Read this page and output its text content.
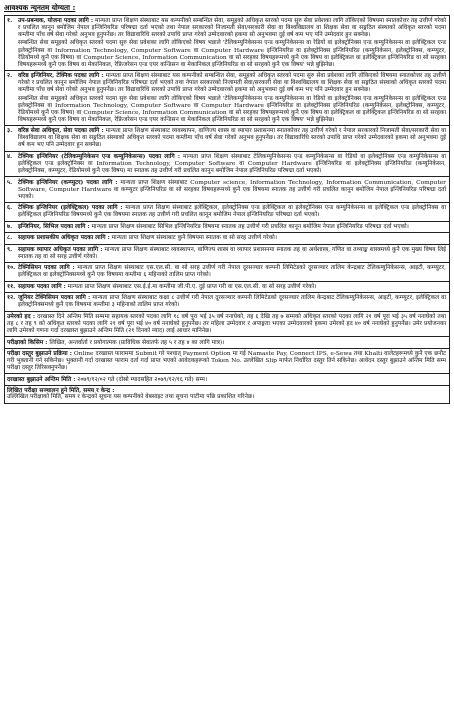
आवश्यक न्यूनतम योग्यता :
१. उप-प्रबन्धक, योजना पदका लागि : मान्यता प्राप्त शिक्षण संस्थाबाट यस कम्पनीको सम्बन्धित सेवा, समूहको अधिकृत स्तरको पदमा सुरु सेवा प्रवेशका लागि तोकिएको विषयमा स्नातकोत्तर तह उत्तीर्ण गरेको र प्रचलित कानून बमोजिम नेपाल इन्जिनियरिङ परिषद्मा दर्ता भएको तथा नेपाल सरकारको निजामती सेवा/सरकारी सेवा वा विश्वविद्यालय वा शिक्षक सेवा वा सङ्गठित संस्थाको अधिकृत स्तरको पदमा कम्तीमा पाँच वर्ष सेवा गरेको अनुभव हुनुपर्नेछ। तर विद्यावारिधि स्तरको उपाधि प्राप्त गरेको उम्मेदवारको हकमा सो अनुभवमा दुई वर्ष कम भए पनि उम्मेदवार हुन सक्नेछ।
सम्बन्धित सेवा समूहको अधिकृत स्तरको पदमा सुरु सेवा प्रवेशका लागि तोकिएको विषय भन्नाले 'टेलिकम्युनिकेसन्स एन्ड कम्युनिकेसन्स वा रेडियो वा इलेक्ट्रोनिक्स एन्ड कम्युनिकेसन्स वा इलेक्ट्रिकल एन्ड इलेक्ट्रोनिक्स वा Information Technology, Computer Software वा Computer Hardware इन्जिनियरिङ वा इलेक्ट्रोनिक्स इन्जिनियरिङ (कम्युनिकेसन, इलेक्ट्रोनिक्स, कम्प्युटर, रेडियोमध्ये कुनै एक विषय) वा Computer Science, Information Communication वा सो सरहका विषयहरूमध्ये कुनै एक विषय वा इलेक्ट्रिकल वा इलेक्ट्रिकल इन्जिनियरिङ वा सो सरहका विषयहरूमध्ये कुनै एक विषय वा मेकानिकल, रेफ्रिजरेसन एन्ड एयर कन्डिसन वा मेकानिकल इन्जिनियरिङ वा सो सरहको कुनै एक विषय' भन्ने बुझिनेछ।
२. वरिष्ठ इन्जिनियर, टेक्निक पदका लागि : मान्यता प्राप्त शिक्षण संस्थाबाट यस कम्पनीको सम्बन्धित सेवा, समूहको अधिकृत स्तरको पदमा सुरु सेवा प्रवेशका लागि तोकिएको विषयमा स्नातकोत्तर तह उत्तीर्ण गरेको र प्रचलित कानून बमोजिम नेपाल इन्जिनियरिङ परिषद्मा दर्ता भएको तथा नेपाल सरकारको निजामती सेवा/सरकारी सेवा वा विश्वविद्यालय वा शिक्षक सेवा वा सङ्गठित संस्थाको अधिकृत स्तरको पदमा कम्तीमा पाँच वर्ष सेवा गरेको अनुभव हुनुपर्नेछ। तर विद्यावारिधि स्तरको उपाधि प्राप्त गरेको उम्मेदवारको हकमा सो अनुभवमा दुई वर्ष कम भए पनि उम्मेदवार हुन सक्नेछ।
सम्बन्धित सेवा समूहको अधिकृत स्तरको पदमा सुरु सेवा प्रवेशका लागि तोकिएको विषय भन्नाले 'टेलिकम्युनिकेसन्स एन्ड कम्युनिकेसन्स वा रेडियो वा इलेक्ट्रोनिक्स एन्ड कम्युनिकेसन्स वा इलेक्ट्रिकल एन्ड इलेक्ट्रोनिक्स वा Information Technology, Computer Software वा Computer Hardware इन्जिनियरिङ वा इलेक्ट्रोनिक्स इन्जिनियरिङ (कम्युनिकेसन, इलेक्ट्रोनिक्स, कम्प्युटर, रेडियोमध्ये कुनै एक विषय) वा Computer Science, Information Communication वा सो सरहका विषयहरूमध्ये कुनै एक विषय वा इलेक्ट्रिकल वा इलेक्ट्रिकल इन्जिनियरिङ वा सो सरहका विषयहरूमध्ये कुनै एक विषय वा मेकानिकल, रेफ्रिजरेसन एन्ड एयर कन्डिसन वा मेकानिकल इन्जिनियरिङ वा सो सरहको कुनै एक विषय' भन्ने बुझिनेछ।
३. वरिष्ठ सेवा अधिकृत, सेवा पदका लागि : मान्यता प्राप्त शिक्षण संस्थाबाट व्यवस्थापन, वाणिज्य शास्त्र वा व्यापार प्रशासनमा स्नातकोत्तर तह उत्तीर्ण गरेको र नेपाल सरकारको निजामती सेवा/सरकारी सेवा वा विश्वविद्यालय वा शिक्षक सेवा वा सङ्गठित संस्थाको अधिकृत स्तरको पदमा कम्तीमा पाँच वर्ष सेवा गरेको अनुभव हुनुपर्नेछ। तर विद्यावारिधि स्तरको उपाधि प्राप्त गरेको उम्मेदवारको हकमा सो अनुभवमा दुई वर्ष कम भए पनि उम्मेदवार हुन सक्नेछ।
४. टेक्निक इन्जिनियर (टेलिकम्युनिकेसन एन्ड कम्युनिकेसन्स) पदका लागि : मान्यता प्राप्त शिक्षण संस्थाबाट टेलिकम्युनिकेसन्स एन्ड कम्युनिकेसन्स वा रेडियो वा इलेक्ट्रोनिक्स एन्ड कम्युनिकेसन्स वा इलेक्ट्रिकल एन्ड इलेक्ट्रोनिक्स वा Information Technology, Computer Software वा Computer Hardware इन्जिनियरिङ वा इलेक्ट्रोनिक्स इन्जिनियरिङ (कम्युनिकेसन, इलेक्ट्रोनिक्स, कम्प्युटर, रेडियोमध्ये कुनै एक विषय) मा स्नातक तह उत्तीर्ण गरी प्रचलित कानून बमोजिम नेपाल इन्जिनियरिङ परिषद्मा दर्ता भएको।
५. टेक्निक इन्जिनियर (कम्प्युटर) पदका लागि : मान्यता प्राप्त शिक्षण संस्थाबाट Computer science, Information Technology, Information Communication, Computer Software, Computer Hardware वा कम्प्युटर इन्जिनियरिङ वा सो सरहका विषयहरूमध्ये कुनै एक विषयमा स्नातक तह उत्तीर्ण गरी प्रचलित कानून बमोजिम नेपाल इन्जिनियरिङ परिषद्मा दर्ता भएको।
६. टेक्निक इन्जिनियर (इलेक्ट्रिकल) पदका लागि : मान्यता प्राप्त शिक्षण संस्थाबाट इलेक्ट्रिकल, इलेक्ट्रोनिक्स एन्ड इलेक्ट्रिकल वा इलेक्ट्रोनिक्स एन्ड कम्युनिकेसन्स वा इलेक्ट्रिकल एन्ड इलेक्ट्रोनिक्स वा इलेक्ट्रिकल इन्जिनियरिङ विषयमध्ये कुनै एक विषयमा स्नातक तह उत्तीर्ण गरी प्रचलित कानून बमोजिम नेपाल इन्जिनियरिङ परिषद्मा दर्ता भएको।
७. इन्जिनियर, सिभिल पदका लागि : मान्यता प्राप्त शिक्षण संस्थाबाट सिभिल इन्जिनियरिङ विषयमा स्नातक तह उत्तीर्ण गरी प्रचलित कानून बमोजिम नेपाल इन्जिनियरिङ परिषद्मा दर्ता भएको।
८. सहायक प्रशासकीय अधिकृत पदका लागि : मान्यता प्राप्त शिक्षण संस्थाबाट कुनै विषयमा स्नातक वा सो सरह उत्तीर्ण गरेको।
९. सहायक व्यापार अधिकृत पदका लागि : मान्यता प्राप्त शिक्षण संस्थाबाट व्यवस्थापन, वाणिज्य शास्त्र वा व्यापार प्रशासनमा स्नातक तह वा अर्थशास्त्र, गणित वा तथ्याङ्क शास्त्रमध्ये कुनै एक मुख्य विषय लिई स्नातक तह वा सो सरह उत्तीर्ण गरेको।
१०. टेक्निसियन पदका लागि : मान्यता प्राप्त शिक्षण संस्थाबाट एस.एल.सी. वा सो सरह उत्तीर्ण गरी नेपाल दूरसञ्चार कम्पनी लिमिटेडको दूरसञ्चार तालिम केन्द्रबाट टेलिकम्युनिकेसन्स, आइटी, कम्प्युटर, इलेक्ट्रिकल वा इलेक्ट्रोनिक्समध्ये कुनै एक विषयमा कम्तीमा ६ महिनाको तालिम प्राप्त गरेको।
११. सहायक पदका लागि : मान्यता प्राप्त शिक्षण संस्थाबाट एस.ई.ई.मा कम्तीमा जी.पी.ए. दुई प्राप्त गरी वा एस.एल.सी. वा सो सरह उत्तीर्ण गरेको।
१२. जुनियर टेक्निसियन पदका लागि : मान्यता प्राप्त शिक्षण संस्थाबाट कक्षा ८ उत्तीर्ण गरी नेपाल दूरसञ्चार कम्पनी लिमिटेडको दूरसञ्चार तालिम केन्द्रबाट टेलिकम्युनिकेसन्स, आइटी, कम्प्युटर, इलेक्ट्रिकल वा इलेक्ट्रोनिक्समध्ये कुनै एक विषयमा कम्तीमा ३ महिनाको तालिम प्राप्त गरेको।
उमेरको हद : दरखास्त दिने अन्तिम मिति सम्ममा सहायक स्तरको पदका लागि १८ वर्ष पूरा भई ३५ वर्ष ननाघेको, तह ६ देखि तह ७ सम्मको अधिकृत स्तरको पदका लागि २१ वर्ष पूरा भई ३५ वर्ष ननाघेको तथा तह ८ र तह ९ को अधिकृत स्तरको पदका लागि २१ वर्ष पूरा भई ४० वर्ष ननाघेको हुनुपर्नेछ। तर महिला उम्मेदवार र अपाङ्गता भएका उम्मेदवारको हकमा उमेरको हद ४० वर्ष ननाघेको हुनुपर्नेछ। उमेर प्रयोजनका लागि उमेरको गणना गर्दा दरखास्त बुझाउने अन्तिम मिति (२१ दिनको म्याद) लाई आधार मानिनेछ।
परीक्षाको किसिम : लिखित, अन्तर्वार्ता र प्रयोगात्मक (प्राविधिक सेवातर्फ तह ५ र तह ४ का लागि मात्र)।
परीक्षा दस्तुर बुझाउने प्रक्रिया : Online दरखास्त फाराममा Submit गरे पश्चात् Payment Option मा गई Namaste Pay, Connect IPS, e-Sewa तथा Khalti वालेटहरूमध्ये कुनै एक छनौट गरी भुक्तानी गर्न सकिनेछ। भुक्तानी गर्दा दरखास्त फाराम दर्ता गर्दा प्राप्त भएको आवेदकहरूको Token No. उल्लेखित Slip मार्फत निर्धारित दस्तुर तिर्न सकिनेछ। आवेदन दस्तुर बुझाउने अन्तिम मिति सम्म परीक्षा दस्तुर तिरिसक्नुपर्नेछ।
दरखास्त बुझाउने अन्तिम मिति : २०७९/१२/०२ गते (दोस्रो म्यादसहित २०७९/१२/१६ गते) सम्म।
लिखित परीक्षा सञ्चालन हुने मिति, समय र केन्द्र :
उल्लिखित परीक्षाको मिति, समय र केन्द्रको सूचना यस कम्पनीको वेबसाइट तथा सूचना पाटीमा पछि प्रकाशित गरिनेछ।
